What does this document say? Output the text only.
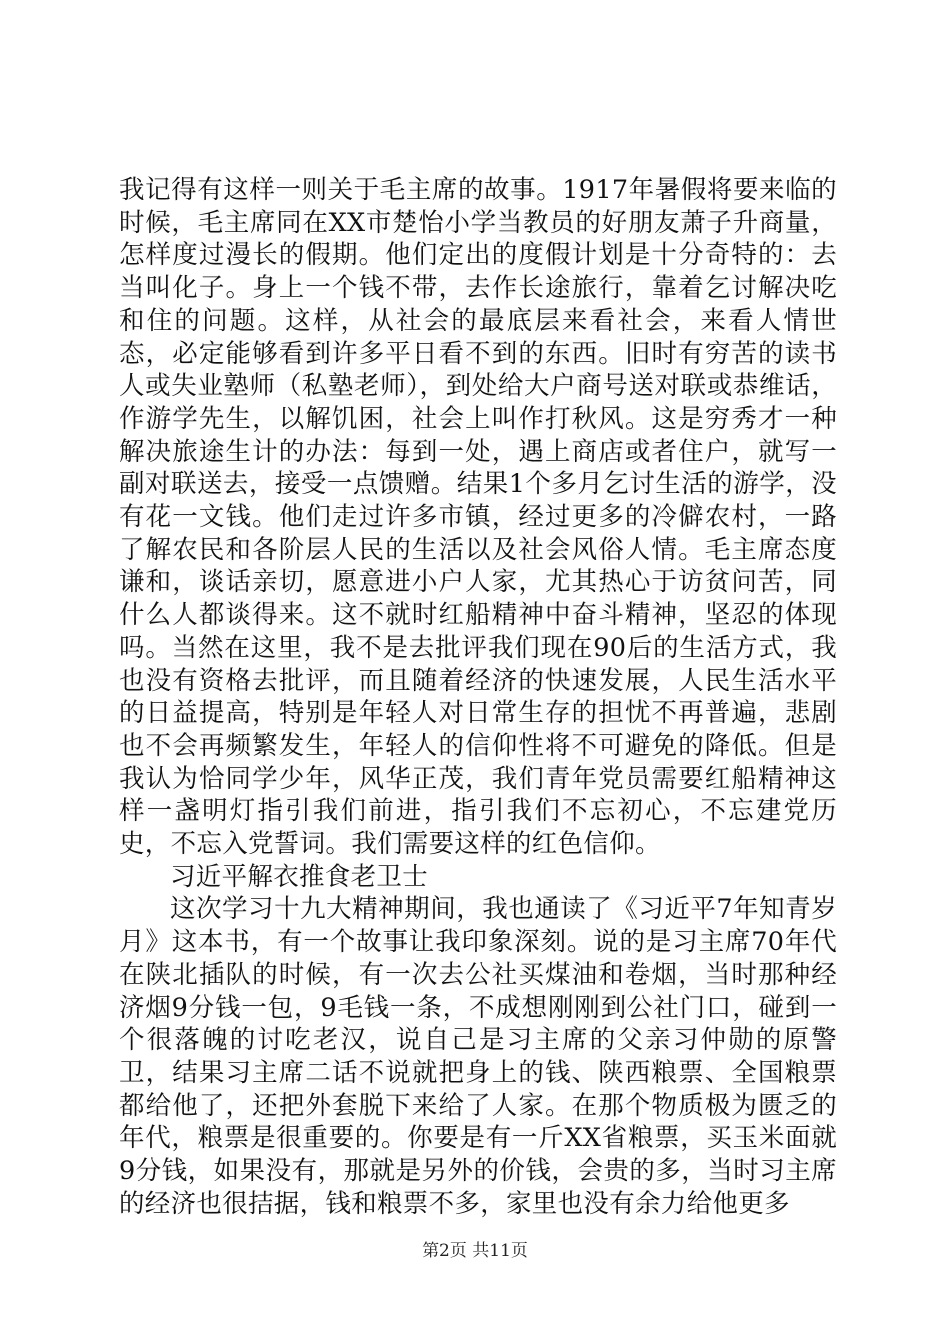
我记得有这样一则关于毛主席的故事。1917年暑假将要来临的时候，毛主席同在XX市楚怡小学当教员的好朋友萧子升商量，怎样度过漫长的假期。他们定出的度假计划是十分奇特的：去当叫化子。身上一个钱不带，去作长途旅行，靠着乞讨解决吃和住的问题。这样，从社会的最底层来看社会，来看人情世态，必定能够看到许多平日看不到的东西。旧时有穷苦的读书人或失业塾师（私塾老师），到处给大户商号送对联或恭维话，作游学先生，以解饥困，社会上叫作打秋风。这是穷秀才一种解决旅途生计的办法：每到一处，遇上商店或者住户，就写一副对联送去，接受一点馈赠。结果1个多月乞讨生活的游学，没有花一文钱。他们走过许多市镇，经过更多的冷僻农村，一路了解农民和各阶层人民的生活以及社会风俗人情。毛主席态度谦和，谈话亲切，愿意进小户人家，尤其热心于访贫问苦，同什么人都谈得来。这不就时红船精神中奋斗精神，坚忍的体现吗。当然在这里，我不是去批评我们现在90后的生活方式，我也没有资格去批评，而且随着经济的快速发展，人民生活水平的日益提高，特别是年轻人对日常生存的担忧不再普遍，悲剧也不会再频繁发生，年轻人的信仰性将不可避免的降低。但是我认为恰同学少年，风华正茂，我们青年党员需要红船精神这样一盏明灯指引我们前进，指引我们不忘初心，不忘建党历史，不忘入党誓词。我们需要这样的红色信仰。

习近平解衣推食老卫士

这次学习十九大精神期间，我也通读了《习近平7年知青岁月》这本书，有一个故事让我印象深刻。说的是习主席70年代在陕北插队的时候，有一次去公社买煤油和卷烟，当时那种经济烟9分钱一包，9毛钱一条，不成想刚刚到公社门口，碰到一个很落魄的讨吃老汉，说自己是习主席的父亲习仲勋的原警卫，结果习主席二话不说就把身上的钱、陕西粮票、全国粮票都给他了，还把外套脱下来给了人家。在那个物质极为匮乏的年代，粮票是很重要的。你要是有一斤XX省粮票，买玉米面就9分钱，如果没有，那就是另外的价钱，会贵的多，当时习主席的经济也很拮据，钱和粮票不多，家里也没有余力给他更多

第2页 共11页
